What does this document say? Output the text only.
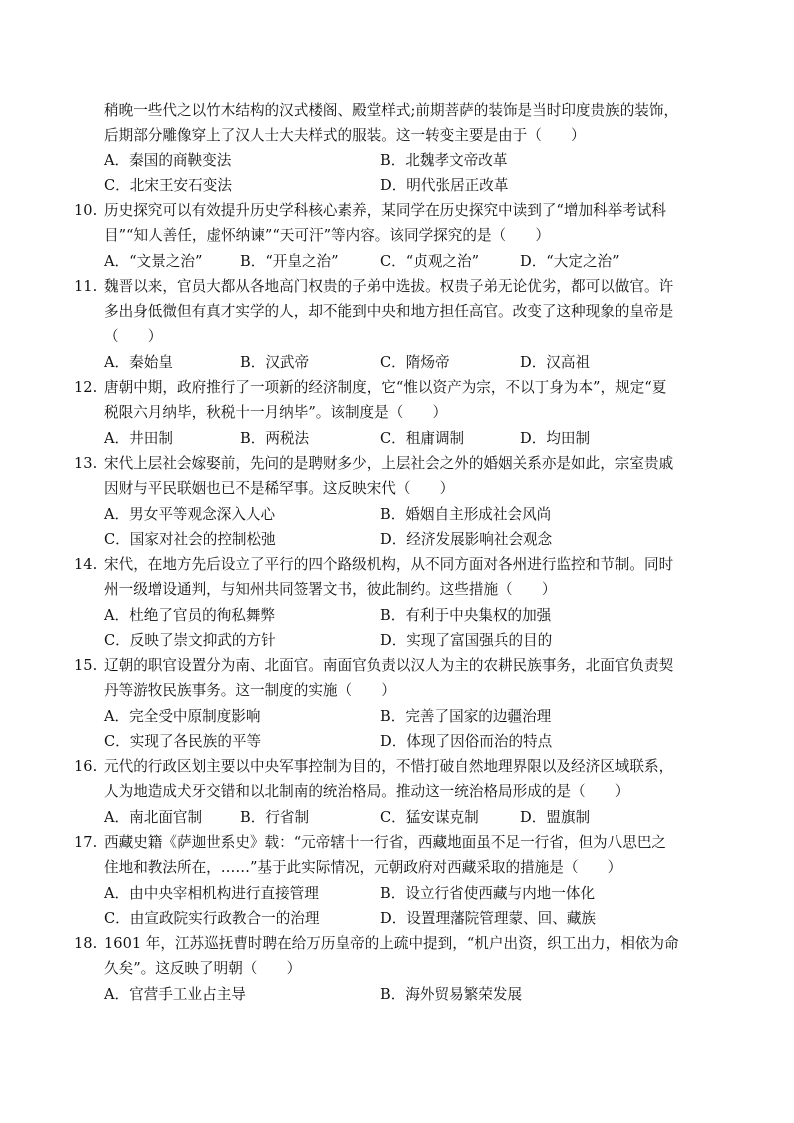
稍晚一些代之以竹木结构的汉式楼阁、殿堂样式;前期菩萨的装饰是当时印度贵族的装饰，
后期部分雕像穿上了汉人士大夫样式的服装。这一转变主要是由于（　　）
A．秦国的商鞅变法	B．北魏孝文帝改革
C．北宋王安石变法	D．明代张居正改革
10. 历史探究可以有效提升历史学科核心素养，某同学在历史探究中读到了“增加科举考试科
目”“知人善任，虚怀纳谏”“天可汗”等内容。该同学探究的是（　　）
A．“文景之治”	B．“开皇之治”	C．“贞观之治”	D．“大定之治”
11. 魏晋以来，官员大都从各地高门权贵的子弟中选拔。权贵子弟无论优劣，都可以做官。许
多出身低微但有真才实学的人，却不能到中央和地方担任高官。改变了这种现象的皇帝是
（　　）
A．秦始皇	B．汉武帝	C．隋炀帝	D．汉高祖
12. 唐朝中期，政府推行了一项新的经济制度，它“惟以资产为宗，不以丁身为本”，规定“夏
税限六月纳毕，秋税十一月纳毕”。该制度是（　　）
A．井田制	B．两税法	C．租庸调制	D．均田制
13. 宋代上层社会嫁娶前，先问的是聘财多少，上层社会之外的婚姻关系亦是如此，宗室贵戚
因财与平民联姻也已不是稀罕事。这反映宋代（　　）
A．男女平等观念深入人心	B．婚姻自主形成社会风尚
C．国家对社会的控制松弛	D．经济发展影响社会观念
14. 宋代，在地方先后设立了平行的四个路级机构，从不同方面对各州进行监控和节制。同时
州一级增设通判，与知州共同签署文书，彼此制约。这些措施（　　）
A．杜绝了官员的徇私舞弊	B．有利于中央集权的加强
C．反映了崇文抑武的方针	D．实现了富国强兵的目的
15. 辽朝的职官设置分为南、北面官。南面官负责以汉人为主的农耕民族事务，北面官负责契
丹等游牧民族事务。这一制度的实施（　　）
A．完全受中原制度影响	B．完善了国家的边疆治理
C．实现了各民族的平等	D．体现了因俗而治的特点
16. 元代的行政区划主要以中央军事控制为目的，不惜打破自然地理界限以及经济区域联系，
人为地造成犬牙交错和以北制南的统治格局。推动这一统治格局形成的是（　　）
A．南北面官制	B．行省制	C．猛安谋克制	D．盟旗制
17. 西藏史籍《萨迦世系史》载：“元帝辖十一行省，西藏地面虽不足一行省，但为八思巴之
住地和教法所在，……”基于此实际情况，元朝政府对西藏采取的措施是（　　）
A．由中央宰相机构进行直接管理	B．设立行省使西藏与内地一体化
C．由宣政院实行政教合一的治理	D．设置理藩院管理蒙、回、藏族
18. 1601 年，江苏巡抚曹时聘在给万历皇帝的上疏中提到，“机户出资，织工出力，相依为命
久矣”。这反映了明朝（　　）
A．官营手工业占主导	B．海外贸易繁荣发展
